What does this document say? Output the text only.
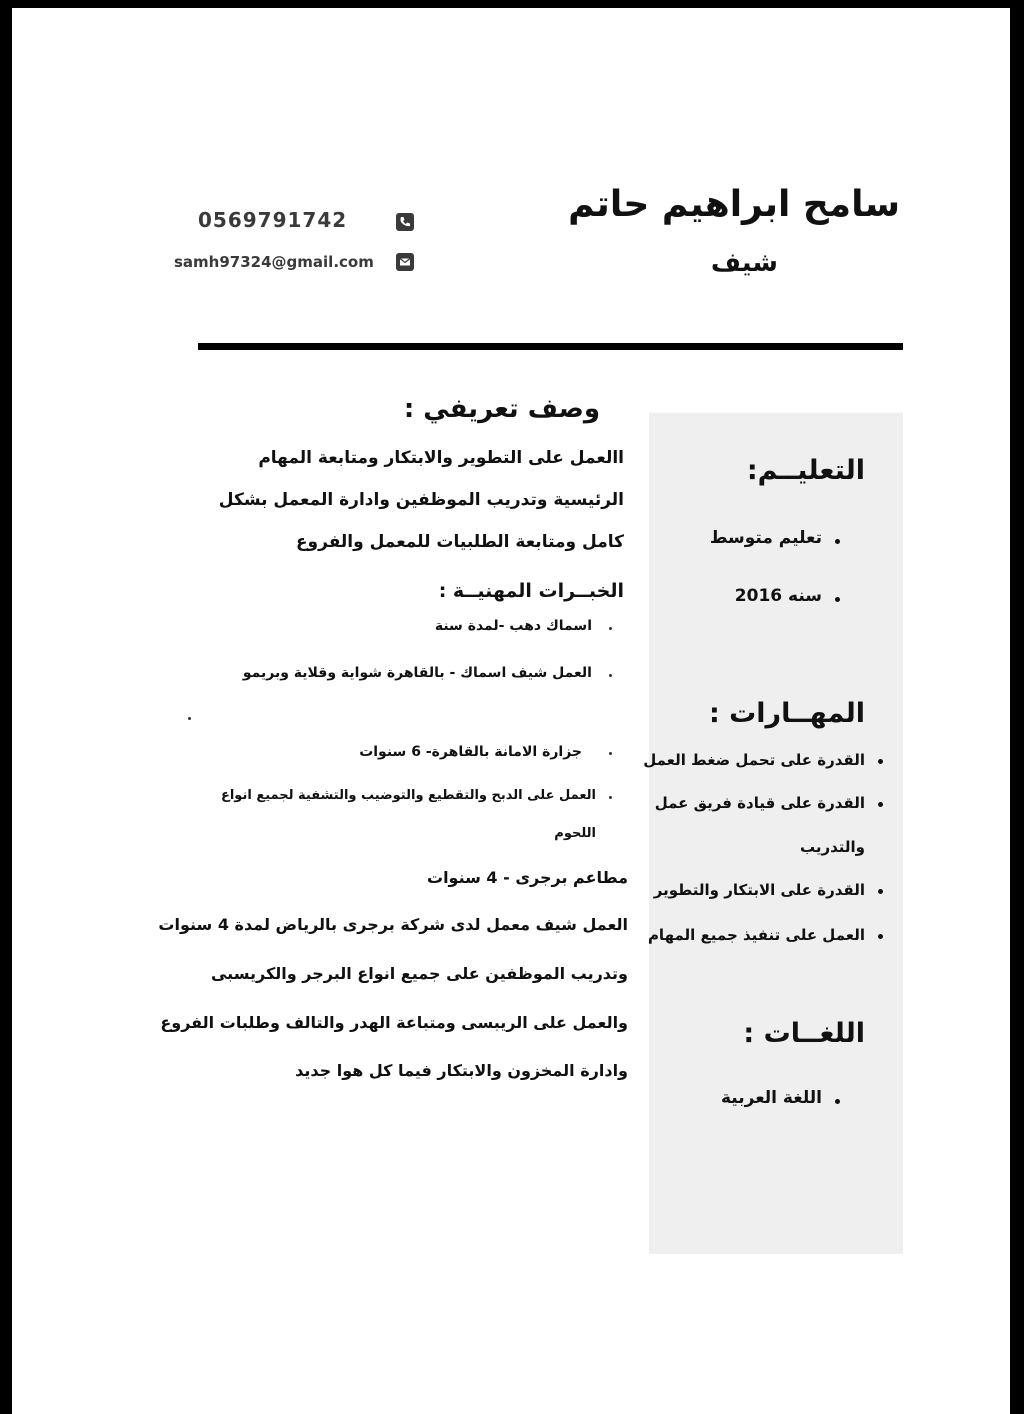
سامح ابراهيم حاتم
شيف
0569791742
samh97324@gmail.com
التعليــم:
تعليم متوسط
سنه 2016
المهــارات :
القدرة على تحمل ضغط العمل
القدرة على قيادة فريق عمل
والتدريب
القدرة على الابتكار والتطوير
العمل على تنفيذ جميع المهام
اللغــات :
اللغة العربية
وصف تعريفي :
االعمل على التطوير والابتكار ومتابعة المهام
الرئيسية وتدريب الموظفين وادارة المعمل بشكل
كامل ومتابعة الطلبيات للمعمل والفروع
الخبــرات المهنيــة :
اسماك دهب -لمدة سنة
العمل شيف اسماك - بالقاهرة شواية وقلاية وبريمو
جزارة الامانة بالقاهرة- 6 سنوات
العمل على الدبح والتقطيع والتوضيب والتشفية لجميع انواع
اللحوم
مطاعم برجرى - 4 سنوات
العمل شيف معمل لدى شركة برجرى بالرياض لمدة 4 سنوات
وتدريب الموظفين على جميع انواع البرجر والكريسبى
والعمل على الريبسى ومتباعة الهدر والتالف وطلبات الفروع
وادارة المخزون والابتكار فيما كل هوا جديد
